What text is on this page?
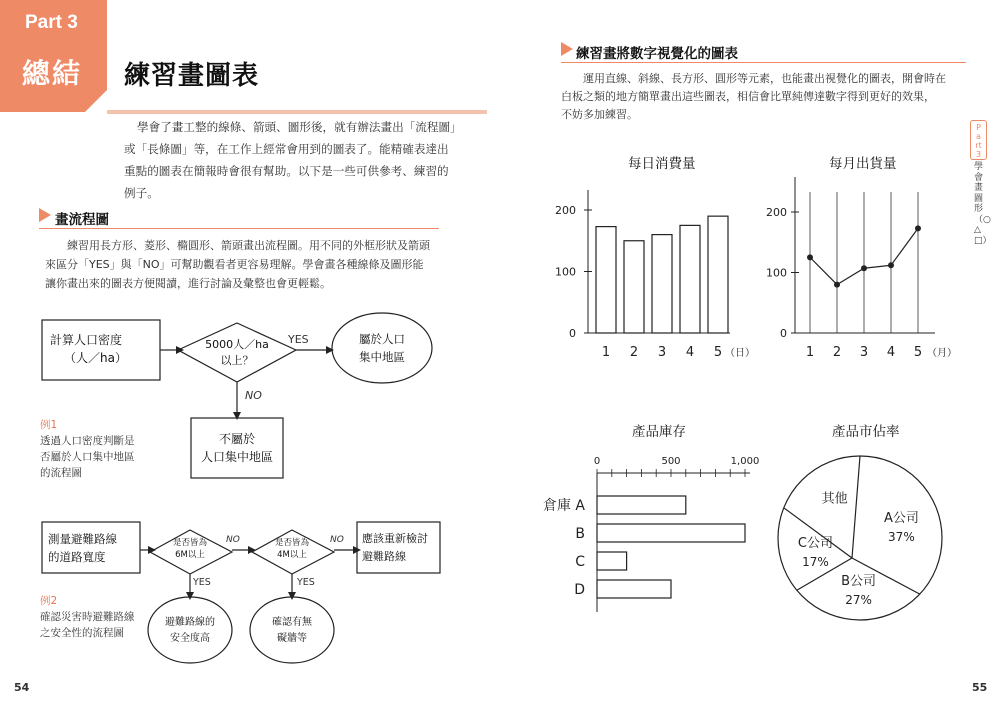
Part 3
總結 練習畫圖表
學會了畫工整的線條、箭頭、圖形後，就有辦法畫出「流程圖」
或「長條圖」等，在工作上經常會用到的圖表了。能精確表達出
重點的圖表在簡報時會很有幫助。以下是一些可供參考、練習的
例子。
畫流程圖
練習用長方形、菱形、橢圓形、箭頭畫出流程圖。用不同的外框形狀及箭頭
來區分「YES」與「NO」可幫助觀看者更容易理解。學會畫各種線條及圖形能
讓你畫出來的圖表方便閱讀，進行討論及彙整也會更輕鬆。
計算人口密度
（人／ha）
5000人／ha
以上？
YES	屬於人口
集中地區
NO
不屬於
人口集中地區
例1
透過人口密度判斷是
否屬於人口集中地區
的流程圖
測量避難路線
的道路寬度
是否皆為
6M以上
NO	是否皆為
4M以上
NO 應該重新檢討
避難路線
YES	YES
避難路線的
安全度高
確認有無
礙牆等
例2
確認災害時避難路線
之安全性的流程圖
54
練習畫將數字視覺化的圖表
運用直線、斜線、長方形、圓形等元素，也能畫出視覺化的圖表，開會時在
白板之類的地方簡單畫出這些圖表，相信會比單純傳達數字得到更好的效果，
不妨多加練習。
Part3
學會畫圖形（○△□）
55
每日消費量	每月出貨量
產品庫存	產品市佔率
0
100
200
1 2 3 4 5 （日）
0
100
200
1 2 3 4 5 （月）
0	500	1,000
倉庫 A
B
C
D
A公司
37%
B公司
27%
C公司
17%
其他
